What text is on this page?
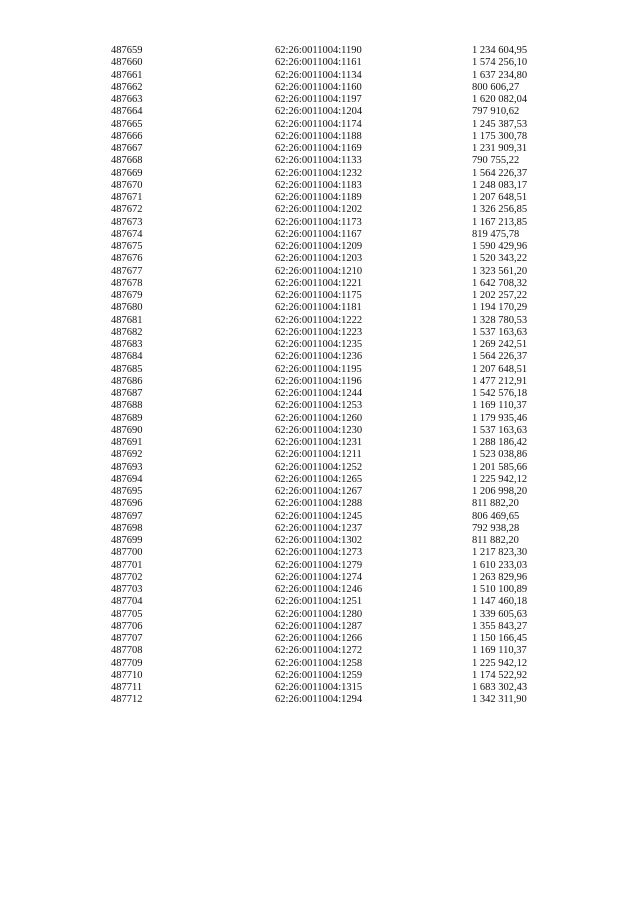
487659	62:26:0011004:1190	1 234 604,95
487660	62:26:0011004:1161	1 574 256,10
487661	62:26:0011004:1134	1 637 234,80
487662	62:26:0011004:1160	800 606,27
487663	62:26:0011004:1197	1 620 082,04
487664	62:26:0011004:1204	797 910,62
487665	62:26:0011004:1174	1 245 387,53
487666	62:26:0011004:1188	1 175 300,78
487667	62:26:0011004:1169	1 231 909,31
487668	62:26:0011004:1133	790 755,22
487669	62:26:0011004:1232	1 564 226,37
487670	62:26:0011004:1183	1 248 083,17
487671	62:26:0011004:1189	1 207 648,51
487672	62:26:0011004:1202	1 326 256,85
487673	62:26:0011004:1173	1 167 213,85
487674	62:26:0011004:1167	819 475,78
487675	62:26:0011004:1209	1 590 429,96
487676	62:26:0011004:1203	1 520 343,22
487677	62:26:0011004:1210	1 323 561,20
487678	62:26:0011004:1221	1 642 708,32
487679	62:26:0011004:1175	1 202 257,22
487680	62:26:0011004:1181	1 194 170,29
487681	62:26:0011004:1222	1 328 780,53
487682	62:26:0011004:1223	1 537 163,63
487683	62:26:0011004:1235	1 269 242,51
487684	62:26:0011004:1236	1 564 226,37
487685	62:26:0011004:1195	1 207 648,51
487686	62:26:0011004:1196	1 477 212,91
487687	62:26:0011004:1244	1 542 576,18
487688	62:26:0011004:1253	1 169 110,37
487689	62:26:0011004:1260	1 179 935,46
487690	62:26:0011004:1230	1 537 163,63
487691	62:26:0011004:1231	1 288 186,42
487692	62:26:0011004:1211	1 523 038,86
487693	62:26:0011004:1252	1 201 585,66
487694	62:26:0011004:1265	1 225 942,12
487695	62:26:0011004:1267	1 206 998,20
487696	62:26:0011004:1288	811 882,20
487697	62:26:0011004:1245	806 469,65
487698	62:26:0011004:1237	792 938,28
487699	62:26:0011004:1302	811 882,20
487700	62:26:0011004:1273	1 217 823,30
487701	62:26:0011004:1279	1 610 233,03
487702	62:26:0011004:1274	1 263 829,96
487703	62:26:0011004:1246	1 510 100,89
487704	62:26:0011004:1251	1 147 460,18
487705	62:26:0011004:1280	1 339 605,63
487706	62:26:0011004:1287	1 355 843,27
487707	62:26:0011004:1266	1 150 166,45
487708	62:26:0011004:1272	1 169 110,37
487709	62:26:0011004:1258	1 225 942,12
487710	62:26:0011004:1259	1 174 522,92
487711	62:26:0011004:1315	1 683 302,43
487712	62:26:0011004:1294	1 342 311,90
